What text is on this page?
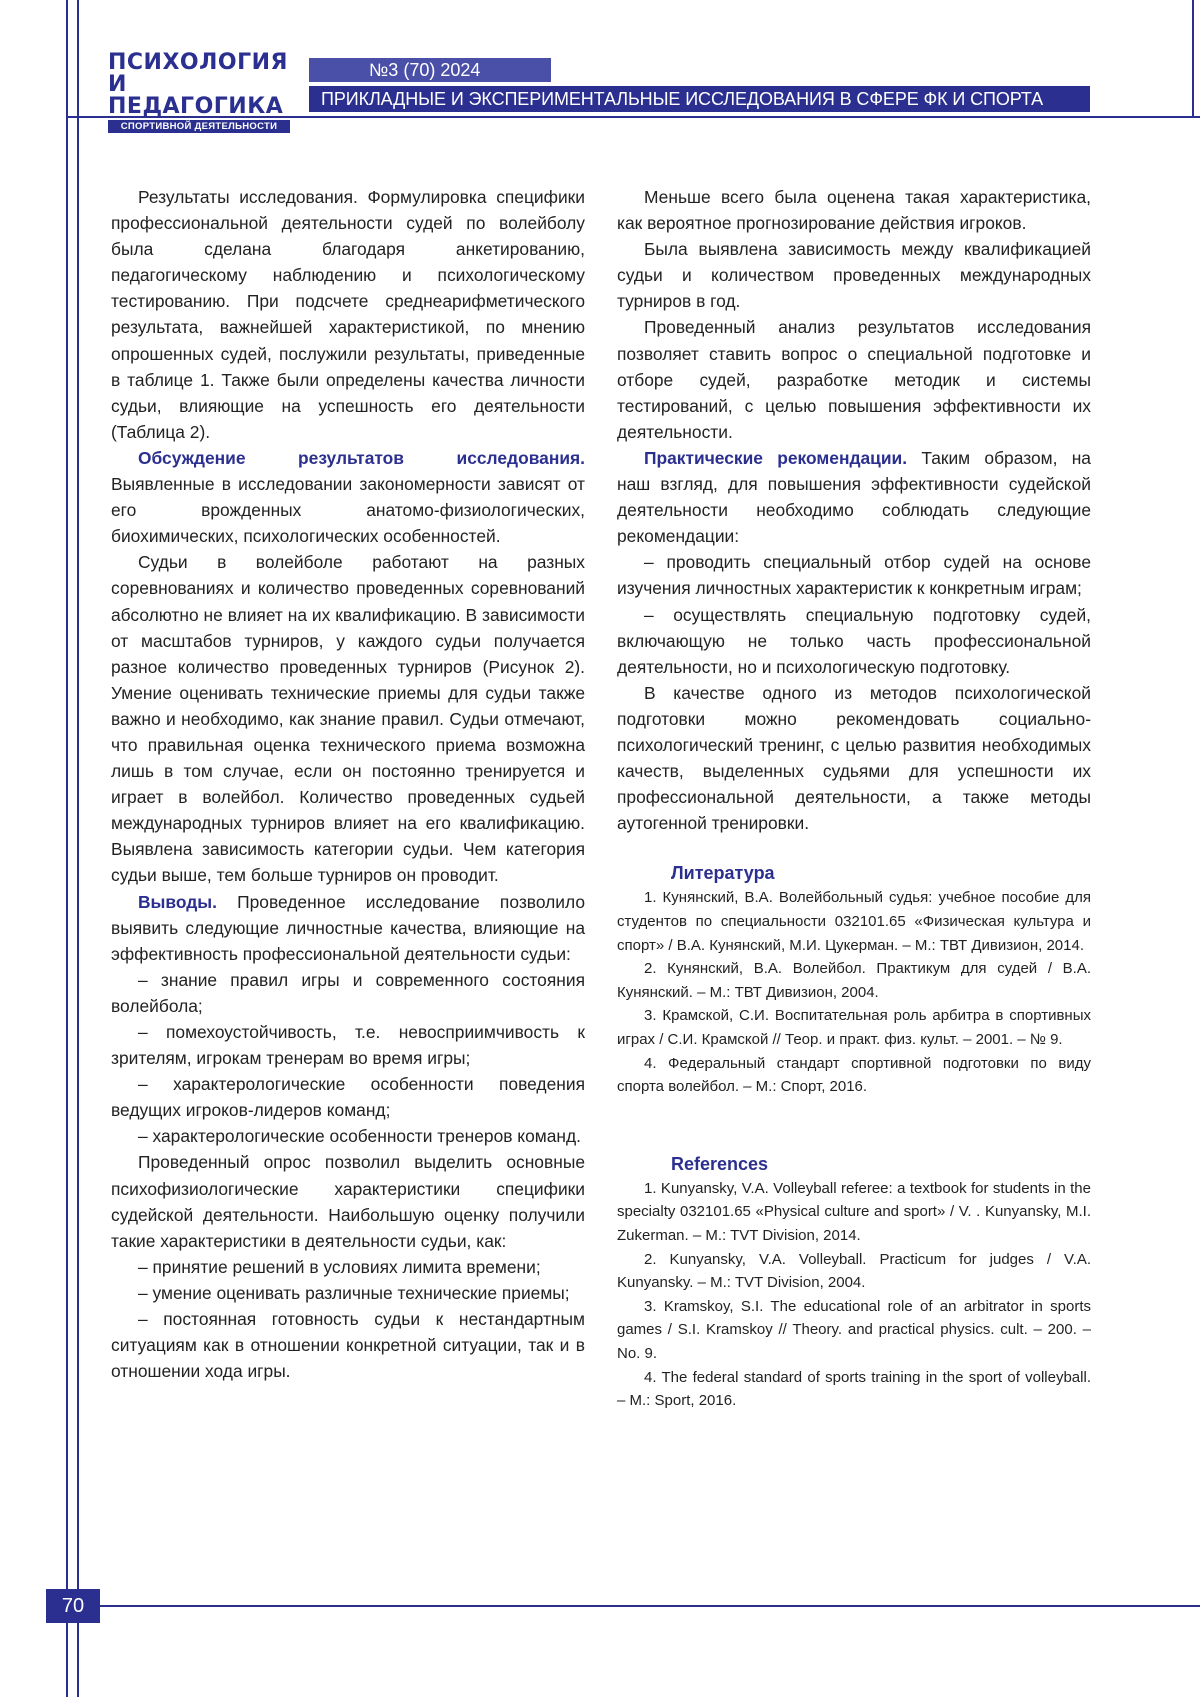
ПСИХОЛОГИЯ
И ПЕДАГОГИКА
СПОРТИВНОЙ ДЕЯТЕЛЬНОСТИ
№3 (70) 2024
ПРИКЛАДНЫЕ И ЭКСПЕРИМЕНТАЛЬНЫЕ ИССЛЕДОВАНИЯ В СФЕРЕ ФК И СПОРТА

Результаты исследования. Формулировка специфики профессиональной деятельности судей по волейболу была сделана благодаря анкетированию, педагогическому наблюдению и психологическому тестированию. При подсчете среднеарифметического результата, важнейшей характеристикой, по мнению опрошенных судей, послужили результаты, приведенные в таблице 1. Также были определены качества личности судьи, влияющие на успешность его деятельности (Таблица 2).

Обсуждение результатов исследования. Выявленные в исследовании закономерности зависят от его врожденных анатомо-физиологических, биохимических, психологических особенностей.

Судьи в волейболе работают на разных соревнованиях и количество проведенных соревнований абсолютно не влияет на их квалификацию. В зависимости от масштабов турниров, у каждого судьи получается разное количество проведенных турниров (Рисунок 2). Умение оценивать технические приемы для судьи также важно и необходимо, как знание правил. Судьи отмечают, что правильная оценка технического приема возможна лишь в том случае, если он постоянно тренируется и играет в волейбол. Количество проведенных судьей международных турниров влияет на его квалификацию. Выявлена зависимость категории судьи. Чем категория судьи выше, тем больше турниров он проводит.

Выводы. Проведенное исследование позволило выявить следующие личностные качества, влияющие на эффективность профессиональной деятельности судьи:

– знание правил игры и современного состояния волейбола;

– помехоустойчивость, т.е. невосприимчивость к зрителям, игрокам тренерам во время игры;

– характерологические особенности поведения ведущих игроков-лидеров команд;

– характерологические особенности тренеров команд.

Проведенный опрос позволил выделить основные психофизиологические характеристики специфики судейской деятельности. Наибольшую оценку получили такие характеристики в деятельности судьи, как:

– принятие решений в условиях лимита времени;

– умение оценивать различные технические приемы;

– постоянная готовность судьи к нестандартным ситуациям как в отношении конкретной ситуации, так и в отношении хода игры.

Меньше всего была оценена такая характеристика, как вероятное прогнозирование действия игроков.

Была выявлена зависимость между квалификацией судьи и количеством проведенных международных турниров в год.

Проведенный анализ результатов исследования позволяет ставить вопрос о специальной подготовке и отборе судей, разработке методик и системы тестирований, с целью повышения эффективности их деятельности.

Практические рекомендации. Таким образом, на наш взгляд, для повышения эффективности судейской деятельности необходимо соблюдать следующие рекомендации:

– проводить специальный отбор судей на основе изучения личностных характеристик к конкретным играм;

– осуществлять специальную подготовку судей, включающую не только часть профессиональной деятельности, но и психологическую подготовку.

В качестве одного из методов психологической подготовки можно рекомендовать социально-психологический тренинг, с целью развития необходимых качеств, выделенных судьями для успешности их профессиональной деятельности, а также методы аутогенной тренировки.

Литература

1. Кунянский, В.А. Волейбольный судья: учебное пособие для студентов по специальности 032101.65 «Физическая культура и спорт» / В.А. Кунянский, М.И. Цукерман. – М.: ТВТ Дивизион, 2014.

2. Кунянский, В.А. Волейбол. Практикум для судей / В.А. Кунянский. – М.: ТВТ Дивизион, 2004.

3. Крамской, С.И. Воспитательная роль арбитра в спортивных играх / С.И. Крамской // Теор. и практ. физ. культ. – 2001. – № 9.

4. Федеральный стандарт спортивной подготовки по виду спорта волейбол. – М.: Спорт, 2016.

References

1. Kunyansky, V.A. Volleyball referee: a textbook for students in the specialty 032101.65 «Physical culture and sport» / V. . Kunyansky, M.I. Zukerman. – M.: TVT Division, 2014.

2. Kunyansky, V.A. Volleyball. Practicum for judges / V.A. Kunyansky. – M.: TVT Division, 2004.

3. Kramskoy, S.I. The educational role of an arbitrator in sports games / S.I. Kramskoy // Theory. and practical physics. cult. – 200. – No. 9.

4. The federal standard of sports training in the sport of volleyball. – M.: Sport, 2016.

70
